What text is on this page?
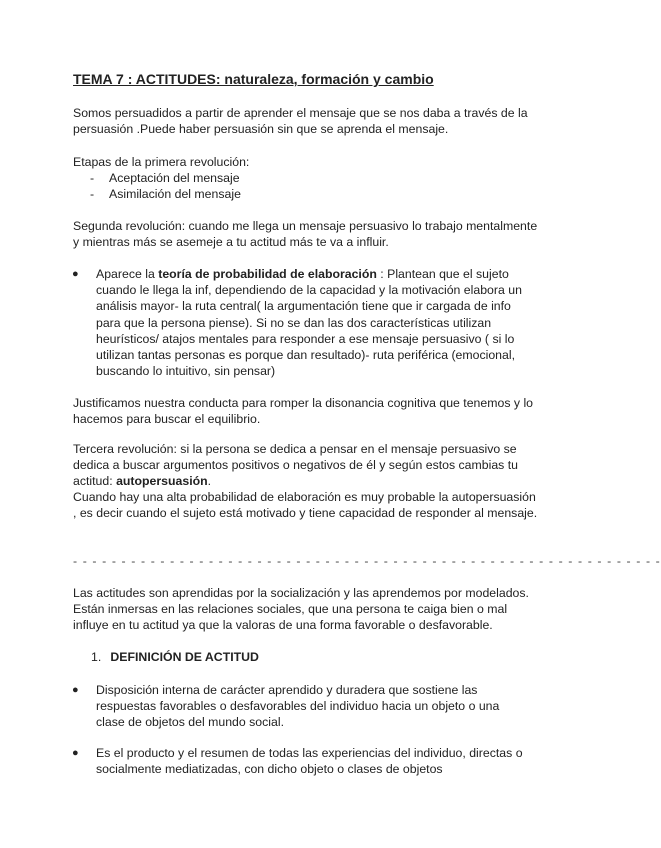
TEMA 7 : ACTITUDES: naturaleza, formación y cambio

Somos persuadidos a partir de aprender el mensaje que se nos daba a través de la persuasión .Puede haber persuasión sin que se aprenda el mensaje.

Etapas de la primera revolución:
- Aceptación del mensaje
- Asimilación del mensaje

Segunda revolución: cuando me llega un mensaje persuasivo lo trabajo mentalmente y mientras más se asemeje a tu actitud más te va a influir.

● Aparece la teoría de probabilidad de elaboración : Plantean que el sujeto cuando le llega la inf, dependiendo de la capacidad y la motivación elabora un análisis mayor- la ruta central( la argumentación tiene que ir cargada de info para que la persona piense). Si no se dan las dos características utilizan heurísticos/ atajos mentales para responder a ese mensaje persuasivo ( si lo utilizan tantas personas es porque dan resultado)- ruta periférica (emocional, buscando lo intuitivo, sin pensar)

Justificamos nuestra conducta para romper la disonancia cognitiva que tenemos y lo hacemos para buscar el equilibrio.

Tercera revolución: si la persona se dedica a pensar en el mensaje persuasivo se dedica a buscar argumentos positivos o negativos de él y según estos cambias tu actitud: autopersuasión.

Cuando hay una alta probabilidad de elaboración es muy probable la autopersuasión , es decir cuando el sujeto está motivado y tiene capacidad de responder al mensaje.

- - - - - - - - - - - - - - - - - - - - - - - - - - - - - - - - - - - - - - - - - - - - - - - - - - - - - - - - - - - - -

Las actitudes son aprendidas por la socialización y las aprendemos por modelados. Están inmersas en las relaciones sociales, que una persona te caiga bien o mal influye en tu actitud ya que la valoras de una forma favorable o desfavorable.

1. DEFINICIÓN DE ACTITUD
● Disposición interna de carácter aprendido y duradera que sostiene las respuestas favorables o desfavorables del individuo hacia un objeto o una clase de objetos del mundo social.
● Es el producto y el resumen de todas las experiencias del individuo, directas o socialmente mediatizadas, con dicho objeto o clases de objetos
